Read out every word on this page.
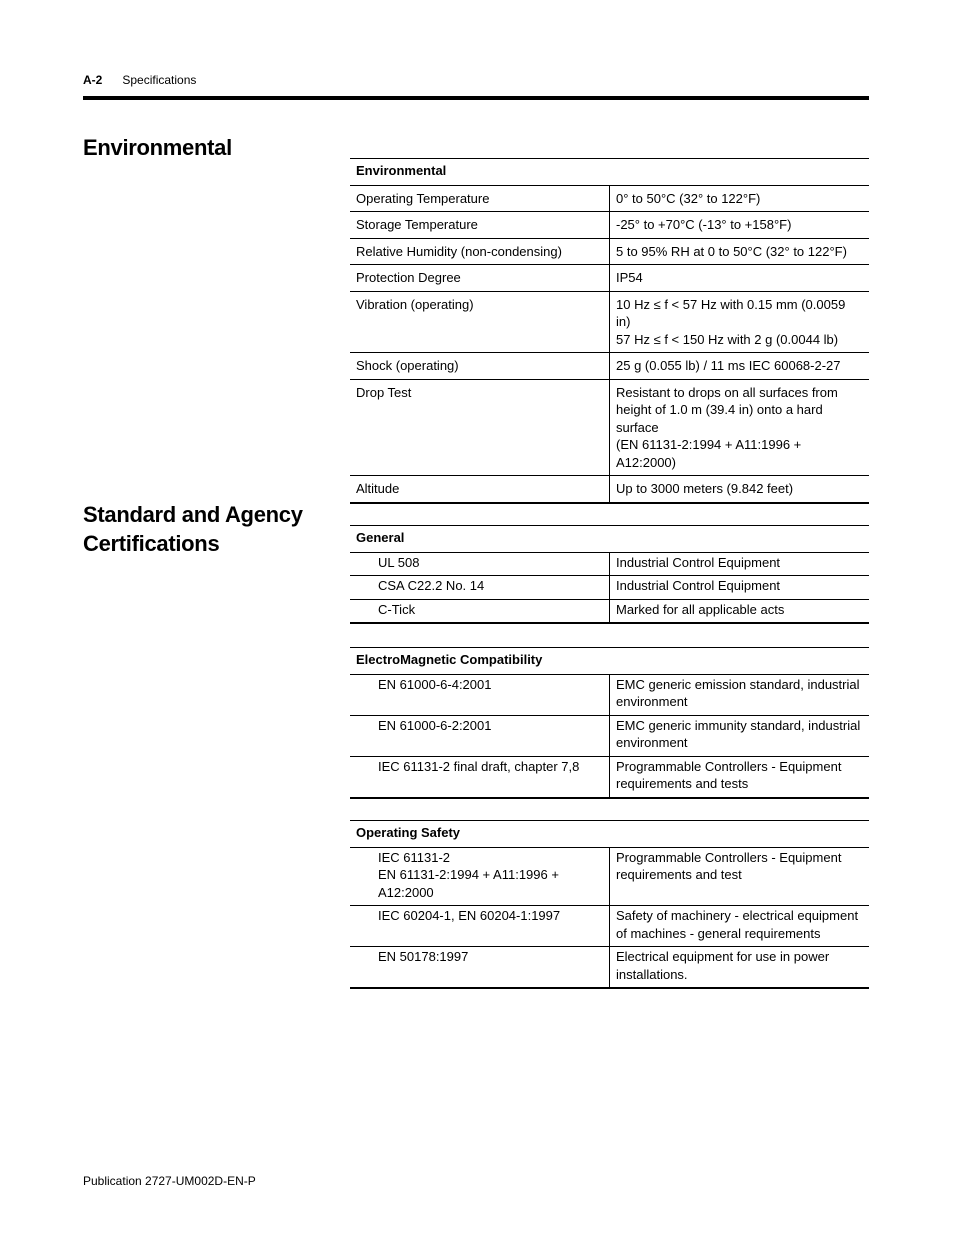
A-2 Specifications
Environmental
Environmental	
Operating Temperature	0° to 50°C (32° to 122°F)
Storage Temperature	-25° to +70°C (-13° to +158°F)
Relative Humidity (non-condensing)	5 to 95% RH at 0 to 50°C (32° to 122°F)
Protection Degree	IP54
Vibration (operating)	10 Hz ≤ f < 57 Hz with 0.15 mm (0.0059 in)
57 Hz ≤ f < 150 Hz with 2 g (0.0044 lb)

Shock (operating)	25 g (0.055 lb) / 11 ms IEC 60068-2-27
Drop Test	Resistant to drops on all surfaces from
height of 1.0 m (39.4 in) onto a hard surface
(EN 61131-2:1994 + A11:1996 + A12:2000)

Altitude	Up to 3000 meters (9.842 feet)
Standard and Agency
Certifications	General	
UL 508	Industrial Control Equipment
CSA C22.2 No. 14	Industrial Control Equipment
C-Tick	Marked for all applicable acts
ElectroMagnetic Compatibility	
EN 61000-6-4:2001	EMC generic emission standard, industrial
environment

EN 61000-6-2:2001	EMC generic immunity standard, industrial
environment

IEC 61131-2 final draft, chapter 7,8	Programmable Controllers - Equipment
requirements and tests
Operating Safety	

IEC 61131-2
EN 61131-2:1994 + A11:1996 +
A12:2000	Programmable Controllers - Equipment
requirements and test

IEC 60204-1, EN 60204-1:1997	Safety of machinery - electrical equipment
of machines - general requirements

EN 50178:1997	Electrical equipment for use in power
installations.
Publication 2727-UM002D-EN-P
